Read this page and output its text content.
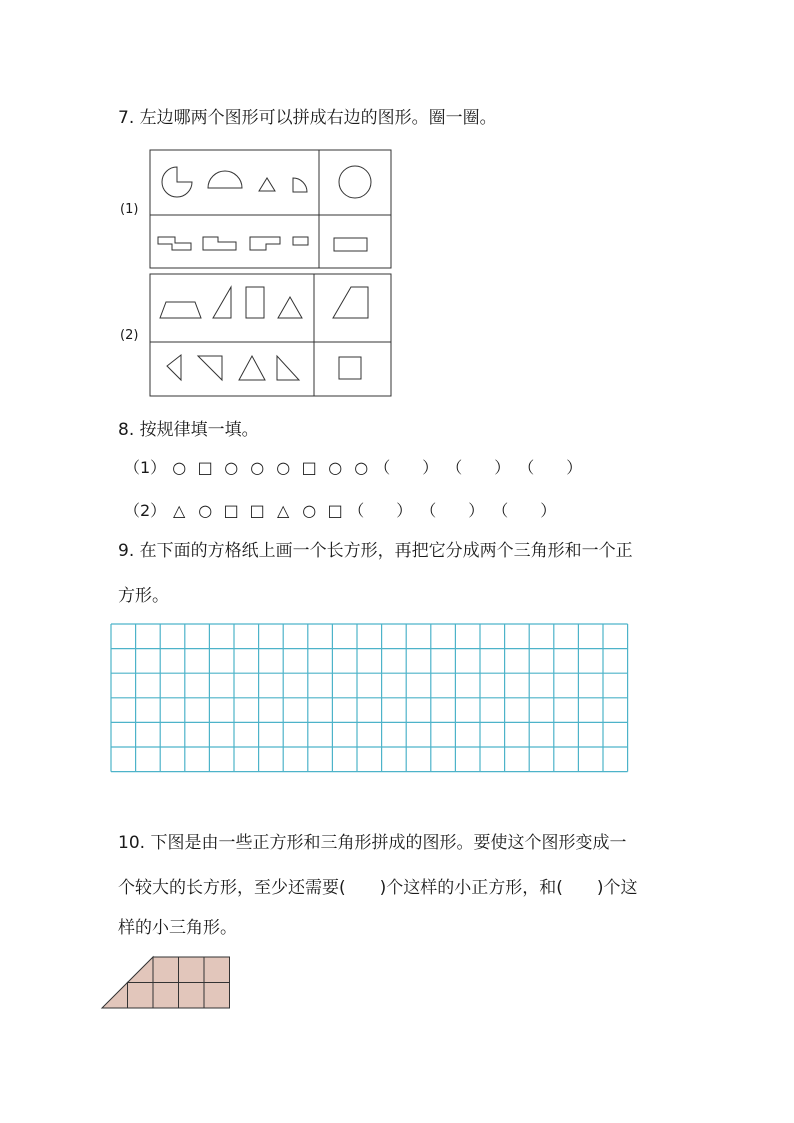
7. 左边哪两个图形可以拼成右边的图形。圈一圈。
(1)
(2)
8. 按规律填一填。
（1） ○ □ ○ ○ ○ □ ○ ○ （　　） （　　） （　　）
（2） △ ○ □ □ △ ○ □ （　　） （　　） （　　）
9. 在下面的方格纸上画一个长方形，再把它分成两个三角形和一个正
方形。
10. 下图是由一些正方形和三角形拼成的图形。要使这个图形变成一
个较大的长方形，至少还需要(　　)个这样的小正方形，和(　　)个这
样的小三角形。
